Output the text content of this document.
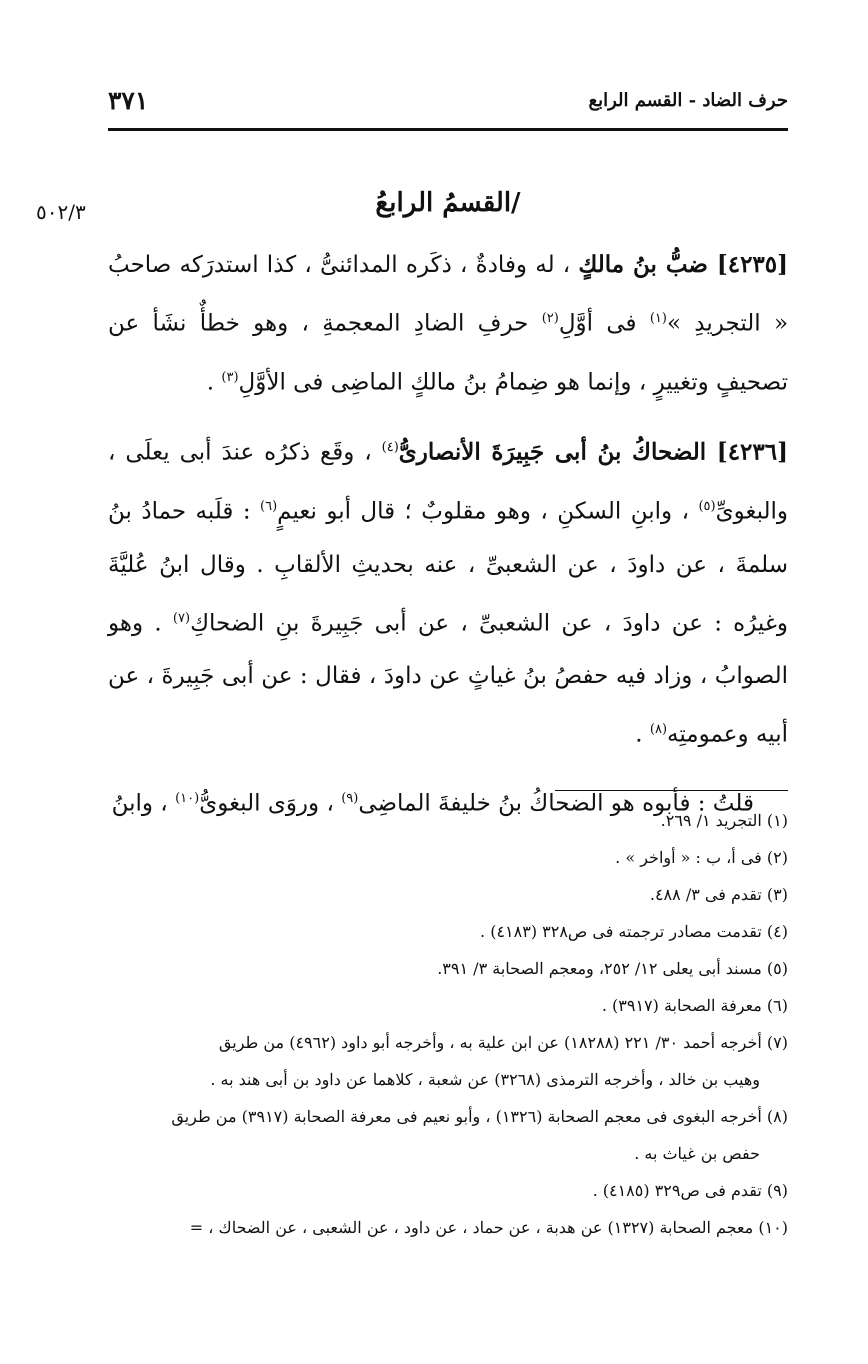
٣٧١	حرف الضاد - القسم الرابع
٥٠٢/٣	/القسمُ الرابعُ

[٤٢٣٥] ضبُّ بنُ مالكٍ ، له وفادةٌ ، ذكَره المدائنىُّ ، كذا استدرَكه صاحبُ « التجريدِ »$^{(١)}$ فى أوَّلِ$^{(٢)}$ حرفِ الضادِ المعجمةِ ، وهو خطأٌ نشَأ عن تصحيفٍ وتغييرٍ ، وإنما هو ضِمامُ بنُ مالكٍ الماضِى فى الأوَّلِ$^{(٣)}$ .

[٤٢٣٦] الضحاكُ بنُ أبى جَبِيرَةَ الأنصارىُّ$^{(٤)}$ ، وقَع ذكرُه عندَ أبى يعلَى ، والبغوىِّ$^{(٥)}$ ، وابنِ السكنِ ، وهو مقلوبٌ ؛ قال أبو نعيمٍ$^{(٦)}$ : قلَبه حمادُ بنُ سلمةَ ، عن داودَ ، عن الشعبىِّ ، عنه بحديثِ الألقابِ . وقال ابنُ عُليَّةَ وغيرُه : عن داودَ ، عن الشعبىِّ ، عن أبى جَبِيرةَ بنِ الضحاكِ$^{(٧)}$ . وهو الصوابُ ، وزاد فيه حفصُ بنُ غياثٍ عن داودَ ، فقال : عن أبى جَبِيرةَ ، عن أبيه وعمومتِه$^{(٨)}$ .

قلتُ : فأبوه هو الضحاكُ بنُ خليفةَ الماضِى$^{(٩)}$ ، وروَى البغوىُّ$^{(١٠)}$ ، وابنُ

(١) التجريد ١/ ٢٦٩.
(٢) فى أ، ب : « أواخر » .
(٣) تقدم فى ٣/ ٤٨٨.
(٤) تقدمت مصادر ترجمته فى ص٣٢٨ (٤١٨٣) .
(٥) مسند أبى يعلى ١٢/ ٢٥٢، ومعجم الصحابة ٣/ ٣٩١.
(٦) معرفة الصحابة (٣٩١٧) .
(٧) أخرجه أحمد ٣٠/ ٢٢١ (١٨٢٨٨) عن ابن علية به ، وأخرجه أبو داود (٤٩٦٢) من طريق
وهيب بن خالد ، وأخرجه الترمذى (٣٢٦٨) عن شعبة ، كلاهما عن داود بن أبى هند به .
(٨) أخرجه البغوى فى معجم الصحابة (١٣٢٦) ، وأبو نعيم فى معرفة الصحابة (٣٩١٧) من طريق
حفص بن غياث به .
(٩) تقدم فى ص٣٢٩ (٤١٨٥) .
(١٠) معجم الصحابة (١٣٢٧) عن هدبة ، عن حماد ، عن داود ، عن الشعبى ، عن الضحاك ، =
